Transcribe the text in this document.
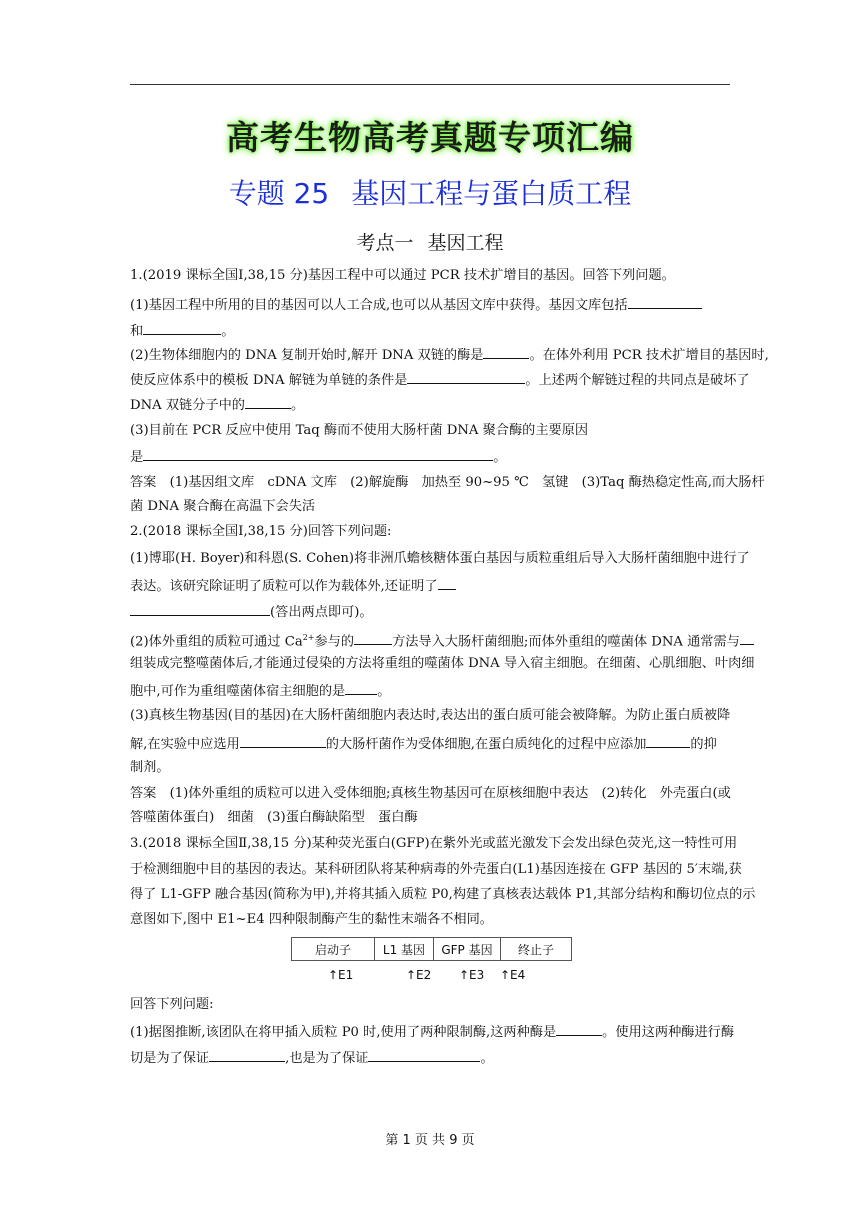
高考生物高考真题专项汇编
专题 25 基因工程与蛋白质工程
考点一 基因工程
1.(2019 课标全国Ⅰ,38,15 分)基因工程中可以通过 PCR 技术扩增目的基因。回答下列问题。
(1)基因工程中所用的目的基因可以人工合成,也可以从基因文库中获得。基因文库包括
和	。
(2)生物体细胞内的 DNA 复制开始时,解开 DNA 双链的酶是	。在体外利用 PCR 技术扩增目的基因时,
使反应体系中的模板 DNA 解链为单链的条件是	。上述两个解链过程的共同点是破坏了
DNA 双链分子中的	。
(3)目前在 PCR 反应中使用 Taq 酶而不使用大肠杆菌 DNA 聚合酶的主要原因
是	。
答案　 (1)基因组文库　cDNA 文库　(2)解旋酶　加热至 90~95 ℃　氢键　(3)Taq 酶热稳定性高,而大肠杆
菌 DNA 聚合酶在高温下会失活
2.(2018 课标全国Ⅰ,38,15 分)回答下列问题:
(1)博耶(H. Boyer)和科恩(S. Cohen)将非洲爪蟾核糖体蛋白基因与质粒重组后导入大肠杆菌细胞中进行了
表达。该研究除证明了质粒可以作为载体外,还证明了
(答出两点即可)。
(2)体外重组的质粒可通过 $Ca^{2+}$参与的	方法导入大肠杆菌细胞;而体外重组的噬菌体 DNA 通常需与
组装成完整噬菌体后,才能通过侵染的方法将重组的噬菌体 DNA 导入宿主细胞。在细菌、心肌细胞、叶肉细
胞中,可作为重组噬菌体宿主细胞的是 。
(3)真核生物基因(目的基因)在大肠杆菌细胞内表达时,表达出的蛋白质可能会被降解。为防止蛋白质被降
解,在实验中应选用	的大肠杆菌作为受体细胞,在蛋白质纯化的过程中应添加	的抑
制剂。
答案　 (1)体外重组的质粒可以进入受体细胞;真核生物基因可在原核细胞中表达　(2)转化　外壳蛋白(或
答噬菌体蛋白)　细菌　(3)蛋白酶缺陷型　蛋白酶
3.(2018 课标全国Ⅱ,38,15 分)某种荧光蛋白(GFP)在紫外光或蓝光激发下会发出绿色荧光,这一特性可用
于检测细胞中目的基因的表达。某科研团队将某种病毒的外壳蛋白(L1)基因连接在 GFP 基因的 5′末端,获
得了 L1-GFP 融合基因(简称为甲),并将其插入质粒 P0,构建了真核表达载体 P1,其部分结构和酶切位点的示
意图如下,图中 E1~E4 四种限制酶产生的黏性末端各不相同。
启动子	L1 基因	GFP 基因	终止子
↑E1	↑E2 ↑E3 ↑E4
回答下列问题:
(1)据图推断,该团队在将甲插入质粒 P0 时,使用了两种限制酶,这两种酶是	。使用这两种酶进行酶
切是为了保证	,也是为了保证	。
第 1 页 共 9 页
